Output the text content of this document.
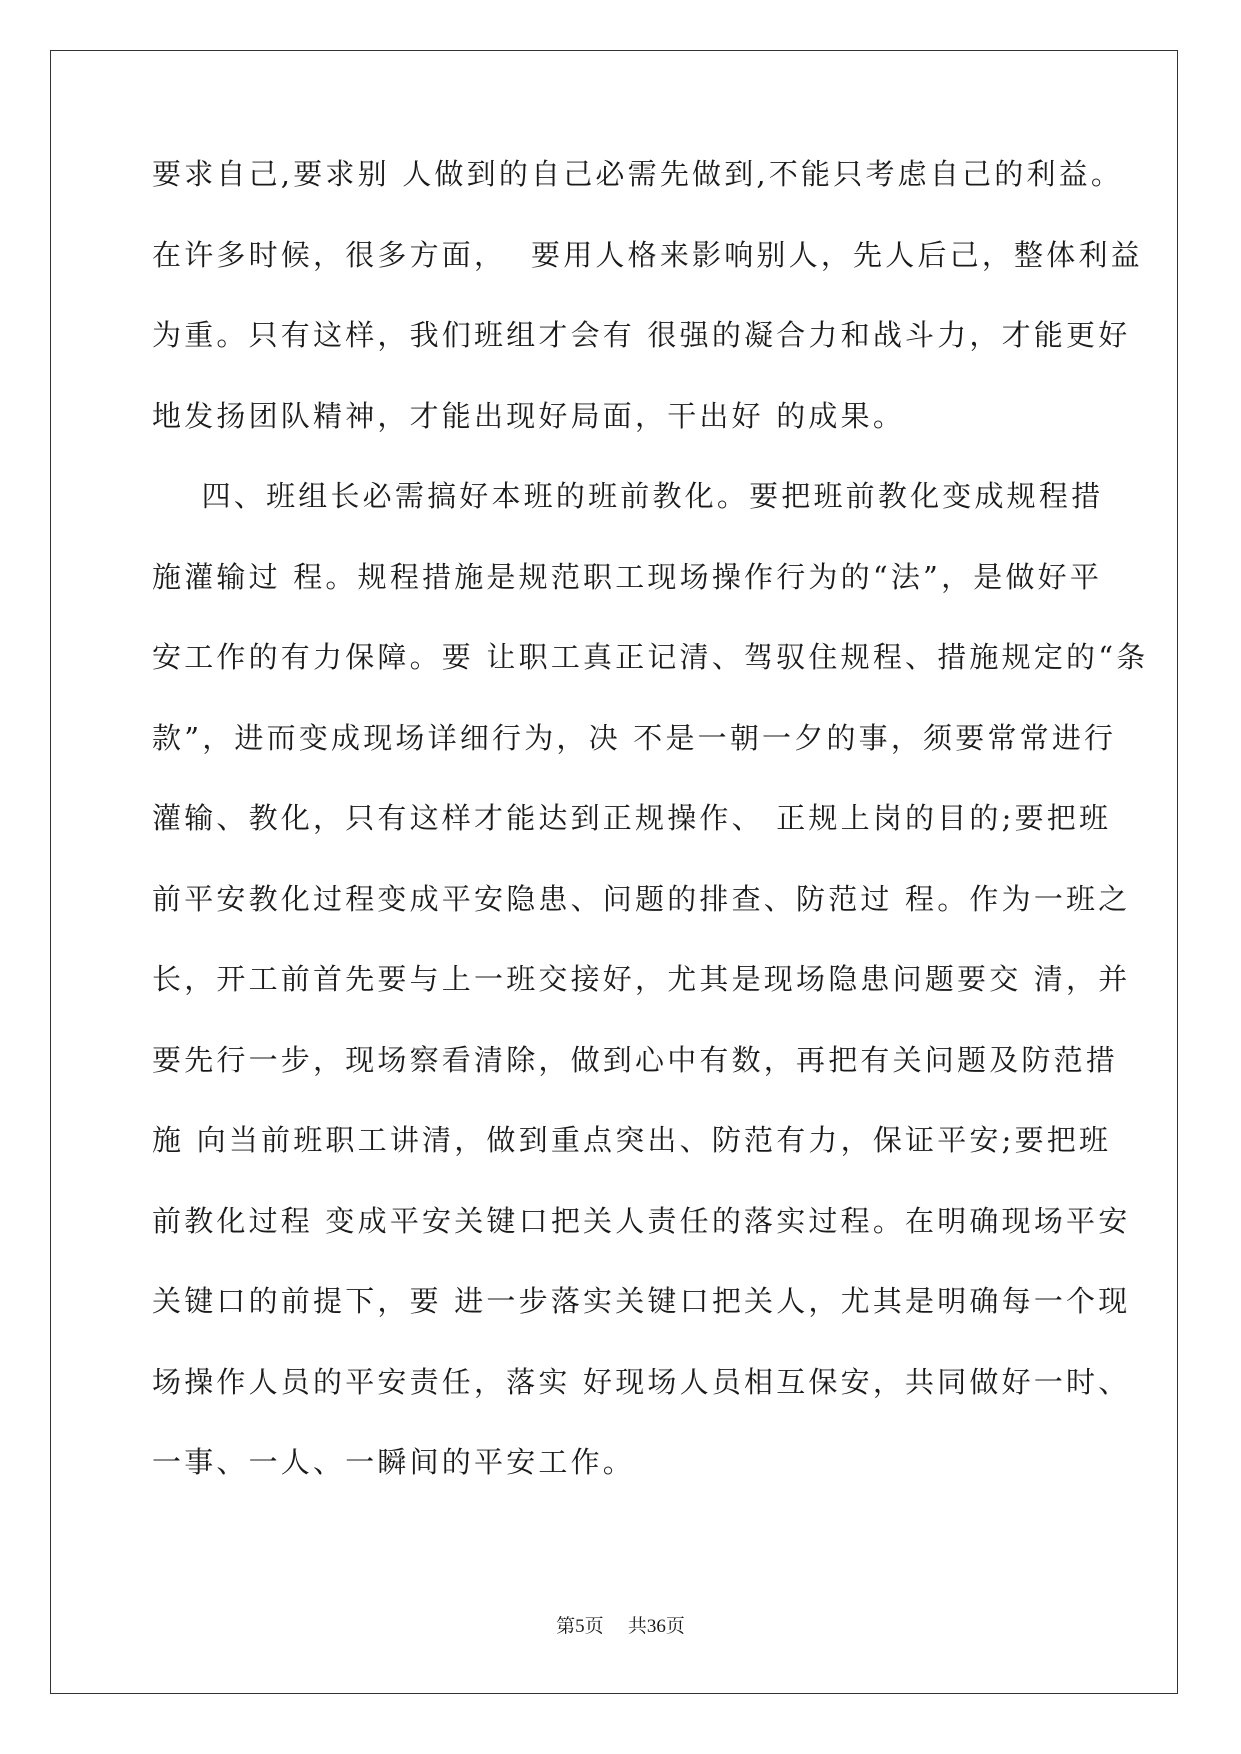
要求自己,要求别 人做到的自己必需先做到,不能只考虑自己的利益。
在许多时候，很多方面，  要用人格来影响别人，先人后己，整体利益
为重。只有这样，我们班组才会有 很强的凝合力和战斗力，才能更好
地发扬团队精神，才能出现好局面，干出好 的成果。
四、班组长必需搞好本班的班前教化。要把班前教化变成规程措
施灌输过 程。规程措施是规范职工现场操作行为的“法”，是做好平
安工作的有力保障。要 让职工真正记清、驾驭住规程、措施规定的“条
款”，进而变成现场详细行为，决 不是一朝一夕的事，须要常常进行
灌输、教化，只有这样才能达到正规操作、 正规上岗的目的;要把班
前平安教化过程变成平安隐患、问题的排查、防范过 程。作为一班之
长，开工前首先要与上一班交接好，尤其是现场隐患问题要交 清，并
要先行一步，现场察看清除，做到心中有数，再把有关问题及防范措
施 向当前班职工讲清，做到重点突出、防范有力，保证平安;要把班
前教化过程 变成平安关键口把关人责任的落实过程。在明确现场平安
关键口的前提下，要 进一步落实关键口把关人，尤其是明确每一个现
场操作人员的平安责任，落实 好现场人员相互保安，共同做好一时、
一事、一人、一瞬间的平安工作。
第5页 共36页
